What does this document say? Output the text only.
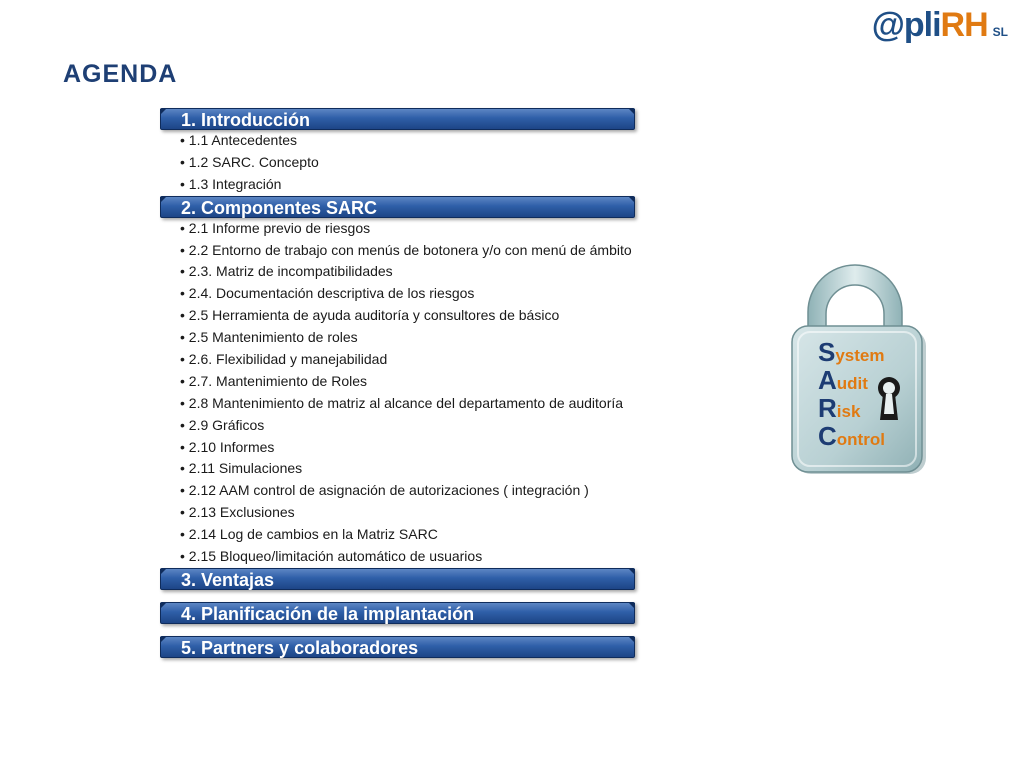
@pli RH SL
AGENDA
1. Introducción
• 1.1 Antecedentes
• 1.2 SARC. Concepto
• 1.3 Integración
2. Componentes SARC
• 2.1 Informe previo de riesgos
• 2.2 Entorno de trabajo con menús de botonera y/o con menú de ámbito
• 2.3. Matriz de incompatibilidades
• 2.4. Documentación descriptiva de los riesgos
• 2.5 Herramienta de ayuda auditoría y consultores de básico
• 2.5 Mantenimiento de roles
• 2.6. Flexibilidad y manejabilidad
• 2.7. Mantenimiento de Roles
• 2.8 Mantenimiento de matriz al alcance del departamento de auditoría
• 2.9 Gráficos
• 2.10 Informes
• 2.11 Simulaciones
• 2.12 AAM control de asignación de autorizaciones ( integración )
• 2.13 Exclusiones
• 2.14 Log de cambios en la Matriz SARC
• 2.15 Bloqueo/limitación automático de usuarios
3. Ventajas
4. Planificación de la implantación
5. Partners y colaboradores
System
Audit
Risk
Control
